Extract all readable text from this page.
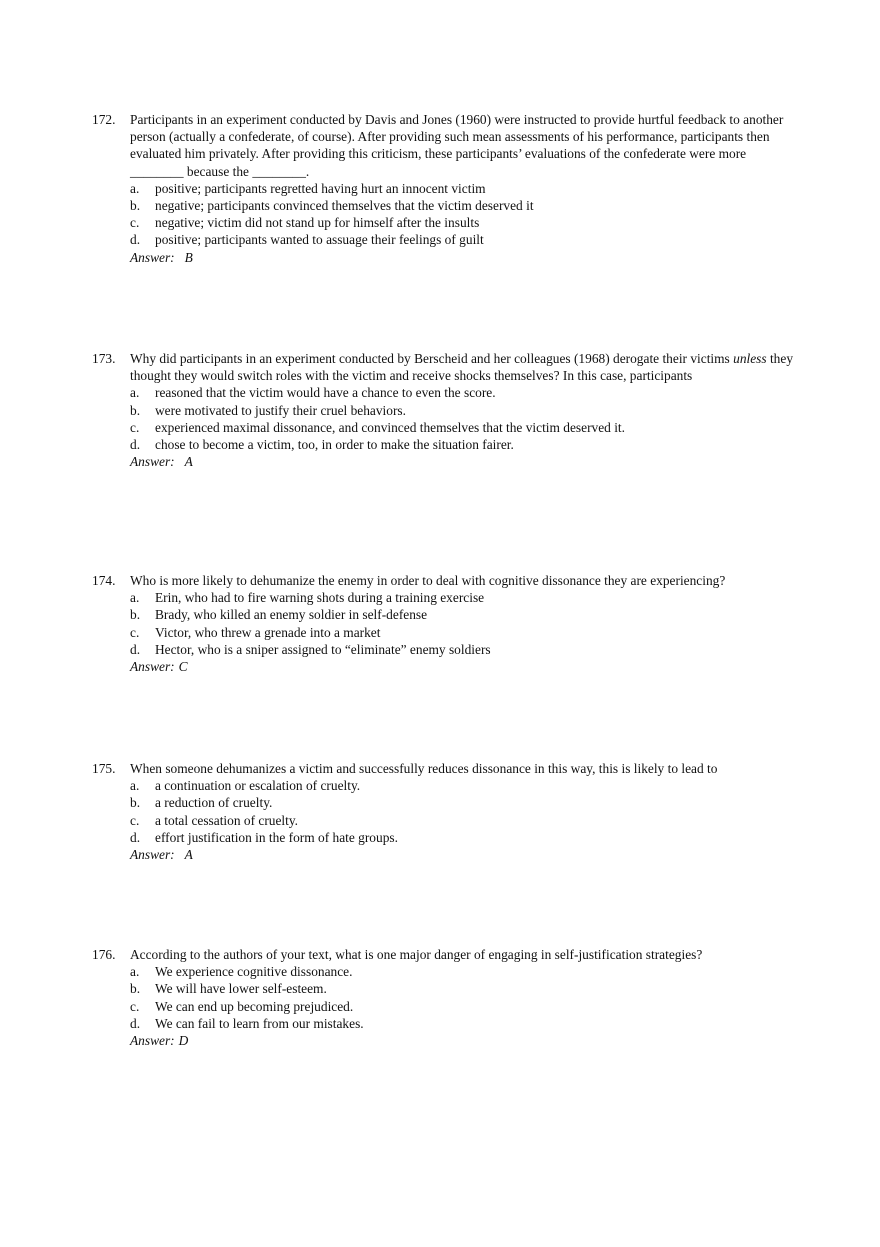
172. Participants in an experiment conducted by Davis and Jones (1960) were instructed to provide hurtful feedback to another person (actually a confederate, of course). After providing such mean assessments of his performance, participants then evaluated him privately. After providing this criticism, these participants’ evaluations of the confederate were more ________ because the ________.
a. positive; participants regretted having hurt an innocent victim
b. negative; participants convinced themselves that the victim deserved it
c. negative; victim did not stand up for himself after the insults
d. positive; participants wanted to assuage their feelings of guilt
Answer: B
173. Why did participants in an experiment conducted by Berscheid and her colleagues (1968) derogate their victims unless they thought they would switch roles with the victim and receive shocks themselves? In this case, participants
a. reasoned that the victim would have a chance to even the score.
b. were motivated to justify their cruel behaviors.
c. experienced maximal dissonance, and convinced themselves that the victim deserved it.
d. chose to become a victim, too, in order to make the situation fairer.
Answer: A
174. Who is more likely to dehumanize the enemy in order to deal with cognitive dissonance they are experiencing?
a. Erin, who had to fire warning shots during a training exercise
b. Brady, who killed an enemy soldier in self-defense
c. Victor, who threw a grenade into a market
d. Hector, who is a sniper assigned to “eliminate” enemy soldiers
Answer: C
175. When someone dehumanizes a victim and successfully reduces dissonance in this way, this is likely to lead to
a. a continuation or escalation of cruelty.
b. a reduction of cruelty.
c. a total cessation of cruelty.
d. effort justification in the form of hate groups.
Answer: A
176. According to the authors of your text, what is one major danger of engaging in self-justification strategies?
a. We experience cognitive dissonance.
b. We will have lower self-esteem.
c. We can end up becoming prejudiced.
d. We can fail to learn from our mistakes.
Answer: D
